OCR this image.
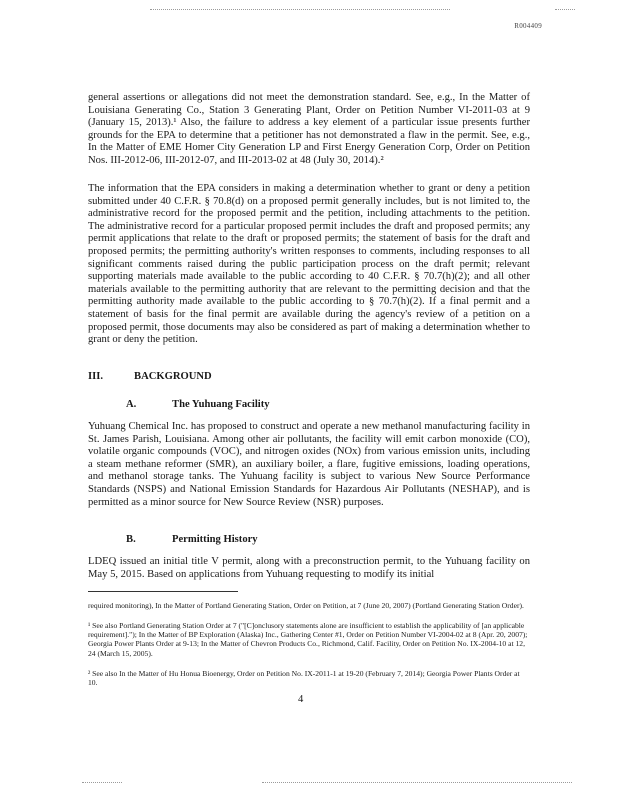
R004409

general assertions or allegations did not meet the demonstration standard. See, e.g., In the Matter of Louisiana Generating Co., Station 3 Generating Plant, Order on Petition Number VI-2011-03 at 9 (January 15, 2013).¹ Also, the failure to address a key element of a particular issue presents further grounds for the EPA to determine that a petitioner has not demonstrated a flaw in the permit. See, e.g., In the Matter of EME Homer City Generation LP and First Energy Generation Corp, Order on Petition Nos. III-2012-06, III-2012-07, and III-2013-02 at 48 (July 30, 2014).²

The information that the EPA considers in making a determination whether to grant or deny a petition submitted under 40 C.F.R. § 70.8(d) on a proposed permit generally includes, but is not limited to, the administrative record for the proposed permit and the petition, including attachments to the petition. The administrative record for a particular proposed permit includes the draft and proposed permits; any permit applications that relate to the draft or proposed permits; the statement of basis for the draft and proposed permits; the permitting authority's written responses to comments, including responses to all significant comments raised during the public participation process on the draft permit; relevant supporting materials made available to the public according to 40 C.F.R. § 70.7(h)(2); and all other materials available to the permitting authority that are relevant to the permitting decision and that the permitting authority made available to the public according to § 70.7(h)(2). If a final permit and a statement of basis for the final permit are available during the agency's review of a petition on a proposed permit, those documents may also be considered as part of making a determination whether to grant or deny the petition.

III.	BACKGROUND
A.	The Yuhuang Facility

Yuhuang Chemical Inc. has proposed to construct and operate a new methanol manufacturing facility in St. James Parish, Louisiana. Among other air pollutants, the facility will emit carbon monoxide (CO), volatile organic compounds (VOC), and nitrogen oxides (NOx) from various emission units, including a steam methane reformer (SMR), an auxiliary boiler, a flare, fugitive emissions, loading operations, and methanol storage tanks. The Yuhuang facility is subject to various New Source Performance Standards (NSPS) and National Emission Standards for Hazardous Air Pollutants (NESHAP), and is permitted as a minor source for New Source Review (NSR) purposes.

B.	Permitting History

LDEQ issued an initial title V permit, along with a preconstruction permit, to the Yuhuang facility on May 5, 2015. Based on applications from Yuhuang requesting to modify its initial

required monitoring), In the Matter of Portland Generating Station, Order on Petition, at 7 (June 20, 2007) (Portland Generating Station Order).
¹ See also Portland Generating Station Order at 7 ("[C]onclusory statements alone are insufficient to establish the applicability of [an applicable requirement]."); In the Matter of BP Exploration (Alaska) Inc., Gathering Center #1, Order on Petition Number VI-2004-02 at 8 (Apr. 20, 2007); Georgia Power Plants Order at 9-13; In the Matter of Chevron Products Co., Richmond, Calif. Facility, Order on Petition No. IX-2004-10 at 12, 24 (March 15, 2005).
² See also In the Matter of Hu Honua Bioenergy, Order on Petition No. IX-2011-1 at 19-20 (February 7, 2014); Georgia Power Plants Order at 10.
4
